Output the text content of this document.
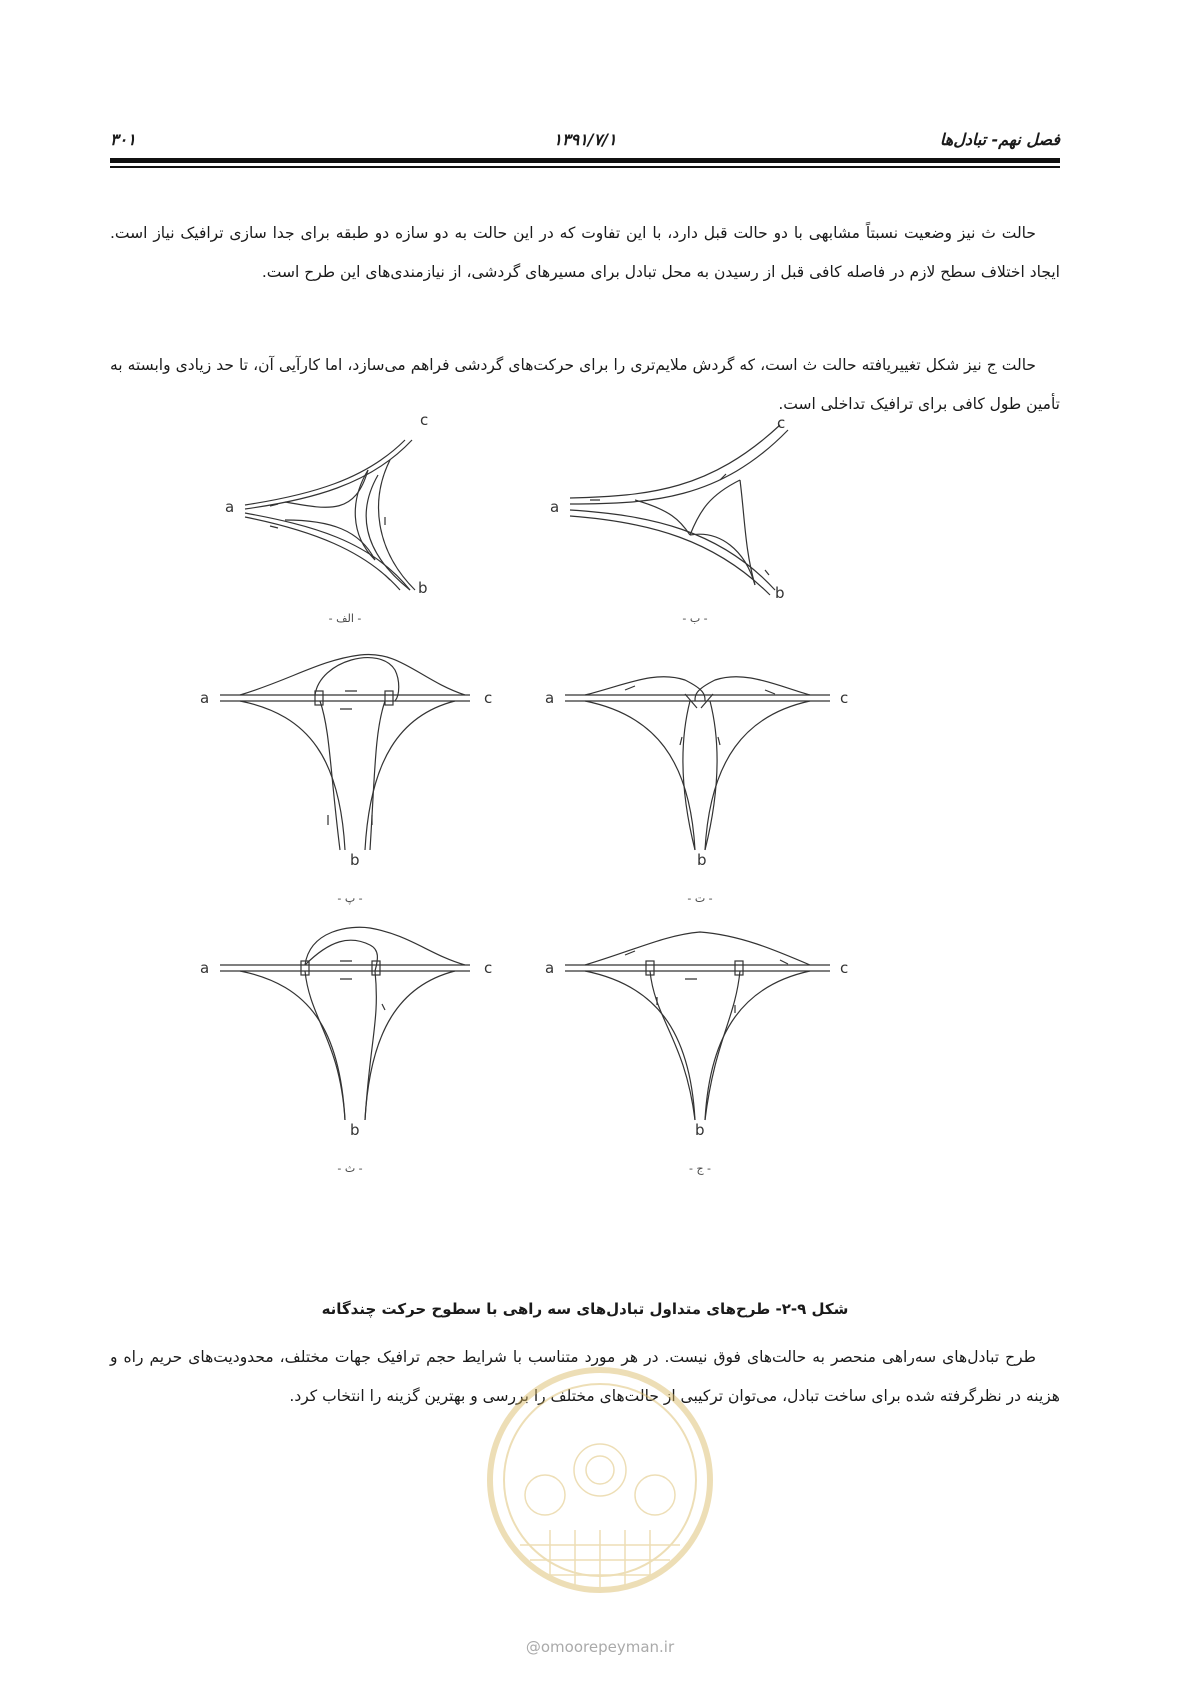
فصل نهم- تبادل‌ها
۱۳۹۱/۷/۱
۳۰۱

حالت ث نیز وضعیت نسبتاً مشابهی با دو حالت قبل دارد، با این تفاوت که در این حالت به دو سازه دو طبقه برای جدا سازی ترافیک نیاز است. ایجاد اختلاف سطح لازم در فاصله کافی قبل از رسیدن به محل تبادل برای مسیرهای گردشی، از نیازمندی‌های این طرح است.

حالت ج نیز شکل تغییریافته حالت ث است، که گردش ملایم‌تری را برای حرکت‌های گردشی فراهم می‌سازد، اما کارآیی آن، تا حد زیادی وابسته به تأمین طول کافی برای ترافیک تداخلی است.

a
b
c
- الف -
a
b
c
- ب -
a
b
c
- پ -
a
b
c
- ت -
a
b
c
- ث -
a
b
c
- ج -
شکل ۹-۲- طرح‌های متداول تبادل‌های سه راهی با سطوح حرکت چندگانه

طرح تبادل‌های سه‌راهی منحصر به حالت‌های فوق نیست. در هر مورد متناسب با شرایط حجم ترافیک جهات مختلف، محدودیت‌های حریم راه و هزینه در نظرگرفته شده برای ساخت تبادل، می‌توان ترکیبی از حالت‌های مختلف را بررسی و بهترین گزینه را انتخاب کرد.

@omoorepeyman.ir
